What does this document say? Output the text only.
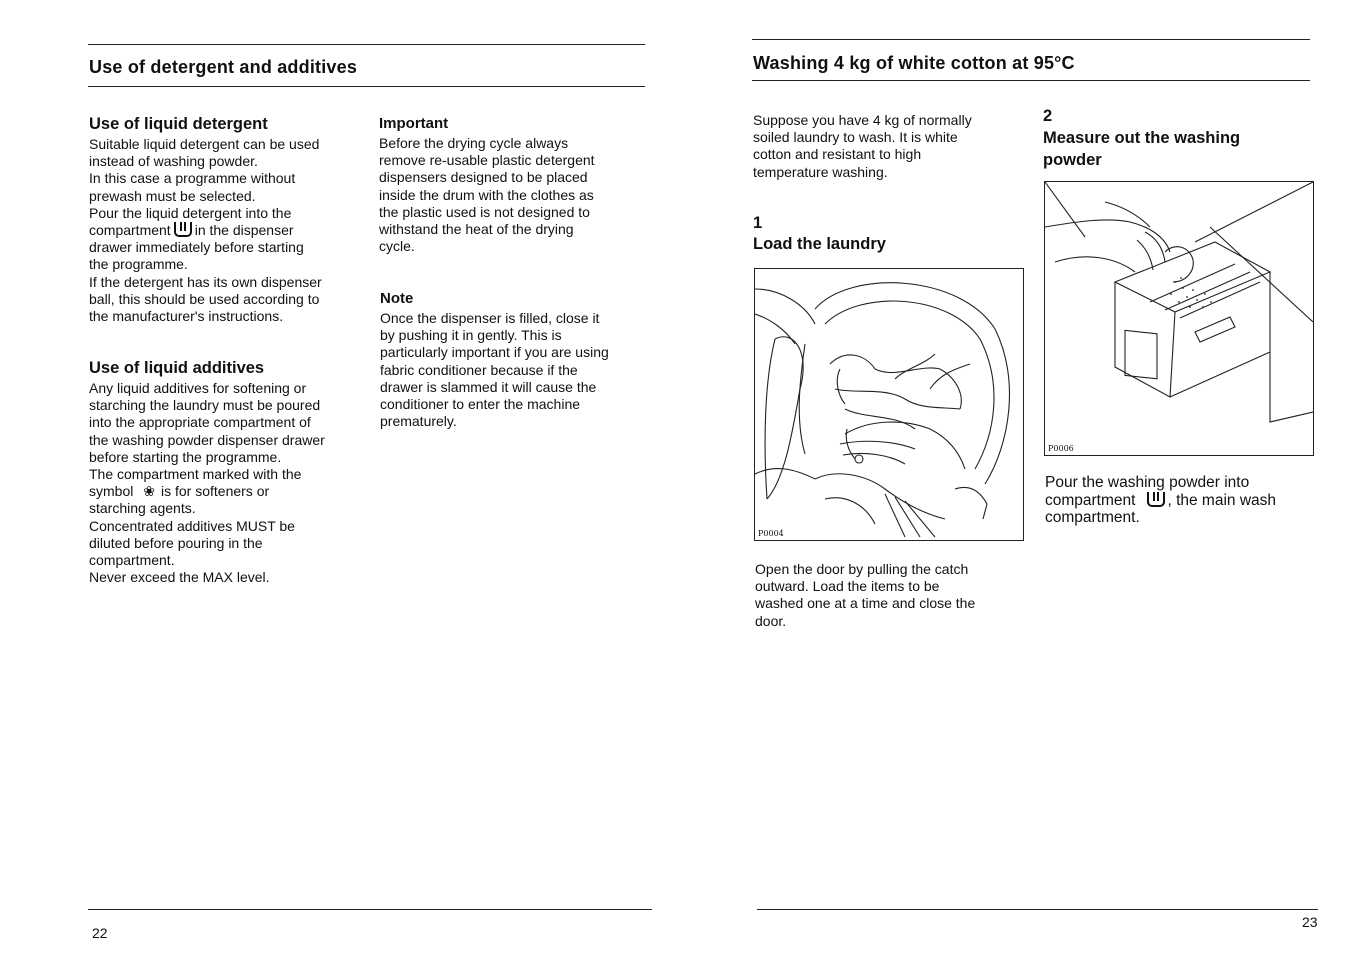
Use of detergent and additives
Use of liquid detergent
Suitable liquid detergent can be used
instead of washing powder.
In this case a programme without
prewash must be selected.
Pour the liquid detergent into the
compartment in the dispenser
drawer immediately before starting
the programme.
If the detergent has its own dispenser
ball, this should be used according to
the manufacturer's instructions.
Use of liquid additives
Any liquid additives for softening or
starching the laundry must be poured
into the appropriate compartment of
the washing powder dispenser drawer
before starting the programme.
The compartment marked with the
symbol ❀ is for softeners or
starching agents.
Concentrated additives MUST be
diluted before pouring in the
compartment.
Never exceed the MAX level.
Important
Before the drying cycle always
remove re-usable plastic detergent
dispensers designed to be placed
inside the drum with the clothes as
the plastic used is not designed to
withstand the heat of the drying
cycle.
Note
Once the dispenser is filled, close it
by pushing it in gently. This is
particularly important if you are using
fabric conditioner because if the
drawer is slammed it will cause the
conditioner to enter the machine
prematurely.
22
Washing 4 kg of white cotton at 95°C
Suppose you have 4 kg of normally
soiled laundry to wash. It is white
cotton and resistant to high
temperature washing.
1
Load the laundry
P0004
Open the door by pulling the catch
outward. Load the items to be
washed one at a time and close the
door.
2
Measure out the washing
powder
P0006
Pour the washing powder into
compartment , the main wash
compartment.
23
